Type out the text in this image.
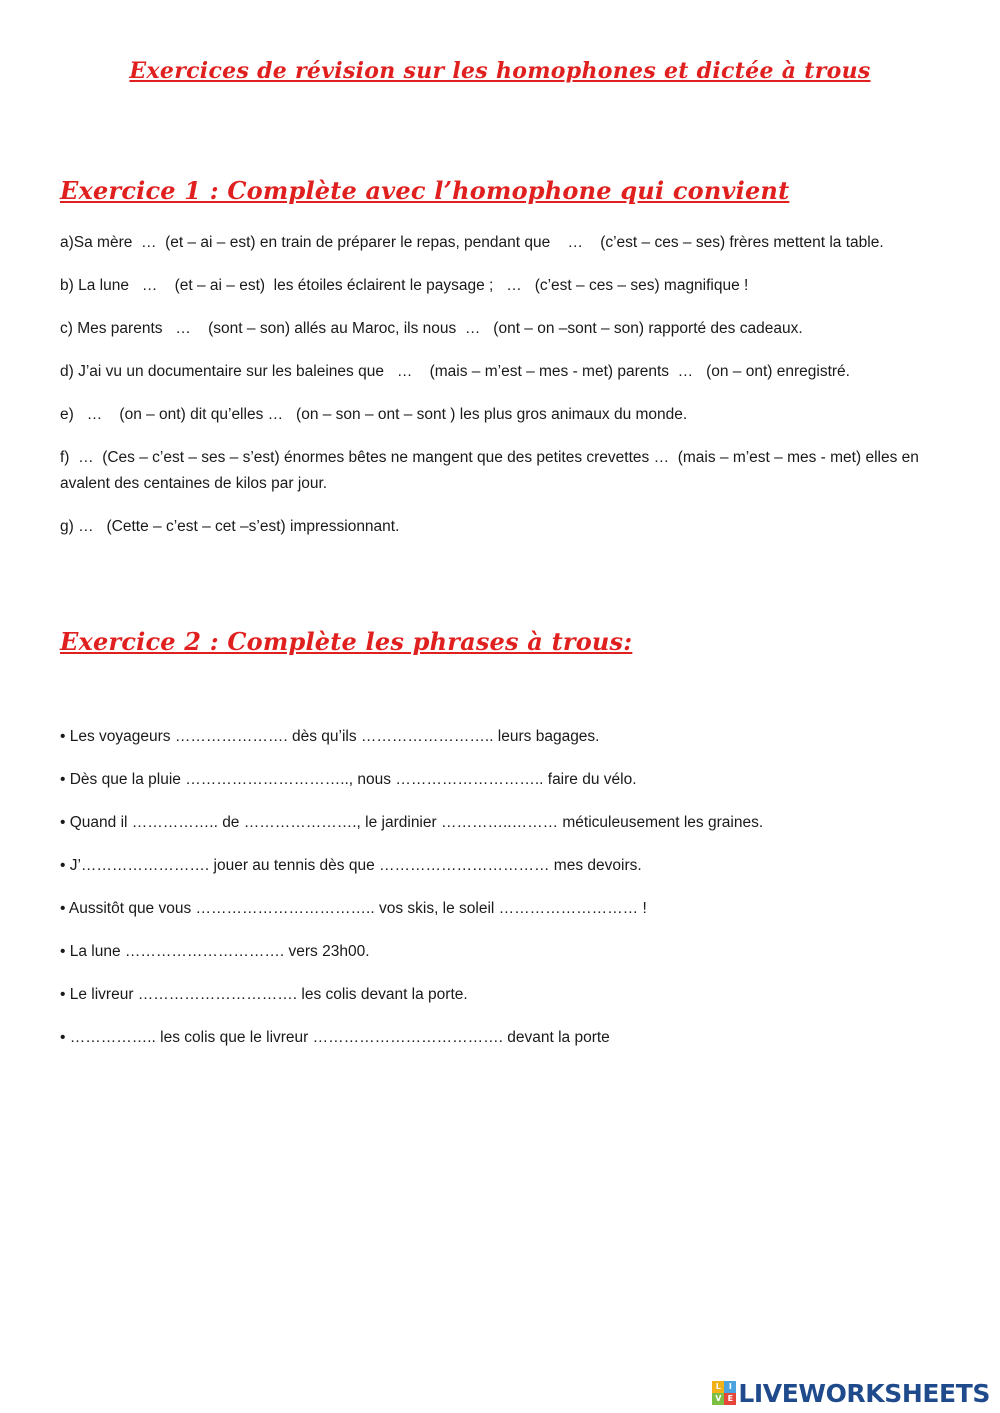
Exercices de révision sur les homophones et dictée à trous
Exercice 1 : Complète avec l’homophone qui convient

a)Sa mère  …  (et – ai – est) en train de préparer le repas, pendant que    …    (c’est – ces – ses) frères mettent la table.

b) La lune   …    (et – ai – est)  les étoiles éclairent le paysage ;   …   (c’est – ces – ses) magnifique !

c) Mes parents   …    (sont – son) allés au Maroc, ils nous  …   (ont – on –sont – son) rapporté des cadeaux.

d) J’ai vu un documentaire sur les baleines que   …    (mais – m’est – mes - met) parents  …   (on – ont) enregistré.

e)   …    (on – ont) dit qu’elles …   (on – son – ont – sont ) les plus gros animaux du monde.

f)  …  (Ces – c’est – ses – s’est) énormes bêtes ne mangent que des petites crevettes …  (mais – m’est – mes - met) elles en avalent des centaines de kilos par jour.

g) …   (Cette – c’est – cet –s’est) impressionnant.

Exercice 2 : Complète les phrases à trous:
• Les voyageurs …………………. dès qu’ils …………………….. leurs bagages.
• Dès que la pluie ………………………….., nous ……………………….. faire du vélo.
• Quand il …………….. de …………………., le jardinier …………..……… méticuleusement les graines.
• J’……………………. jouer au tennis dès que …………………………… mes devoirs.
• Aussitôt que vous …………………………….. vos skis, le soleil ……………………… !
• La lune …………………………. vers 23h00.
• Le livreur …………………………. les colis devant la porte.
• …………….. les colis que le livreur ………………………………. devant la porte
L I
V E LIVEWORKSHEETS
